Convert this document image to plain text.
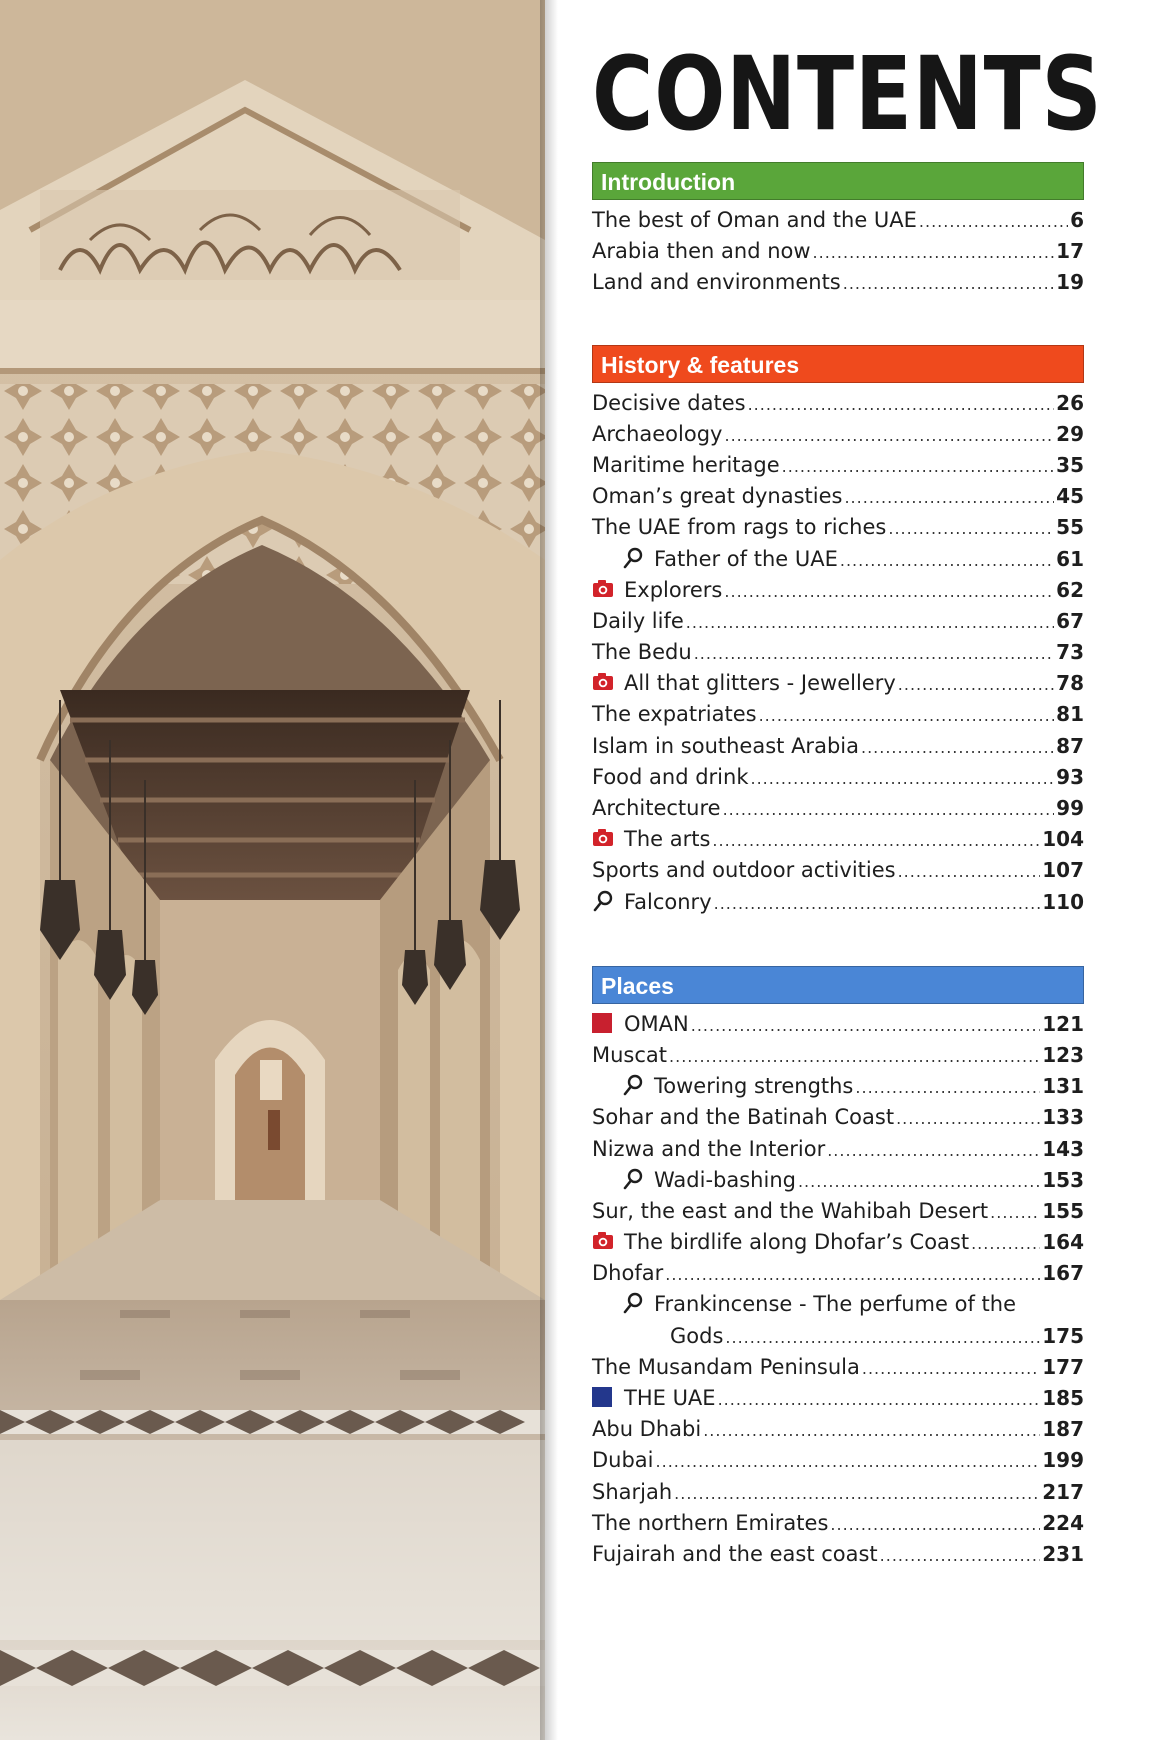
CONTENTS
Introduction
The best of Oman and the UAE .....	6
Arabia then and now .....	17
Land and environments .....	19
History & features
Decisive dates .....	26
Archaeology .....	29
Maritime heritage .....	35
Oman’s great dynasties .....	45
The UAE from rags to riches .....	55
Father of the UAE .....	61
Explorers .....	62
Daily life .....	67
The Bedu .....	73
All that glitters - Jewellery .....	78
The expatriates .....	81
Islam in southeast Arabia .....	87
Food and drink .....	93
Architecture .....	99
The arts .....	104
Sports and outdoor activities .....	107
Falconry .....	110
Places
OMAN .....	121
Muscat .....	123
Towering strengths .....	131
Sohar and the Batinah Coast .....	133
Nizwa and the Interior .....	143
Wadi-bashing .....	153
Sur, the east and the Wahibah Desert .....	155
The birdlife along Dhofar’s Coast .....	164
Dhofar .....	167
Frankincense - The perfume of the
Gods .....	175
The Musandam Peninsula .....	177
THE UAE .....	185
Abu Dhabi .....	187
Dubai .....	199
Sharjah .....	217
The northern Emirates .....	224
Fujairah and the east coast .....	231
